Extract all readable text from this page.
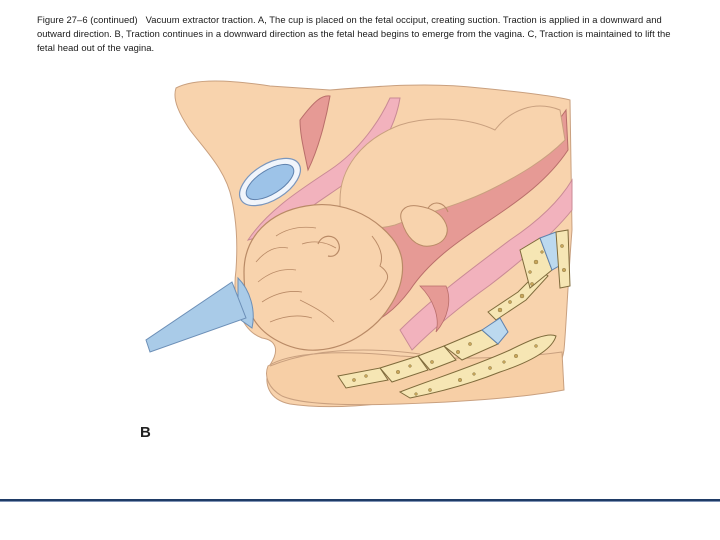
Figure 27–6 (continued) Vacuum extractor traction. A, The cup is placed on the fetal occiput, creating suction. Traction is applied in a downward and outward direction. B, Traction continues in a downward direction as the fetal head begins to emerge from the vagina. C, Traction is maintained to lift the fetal head out of the vagina.
B
